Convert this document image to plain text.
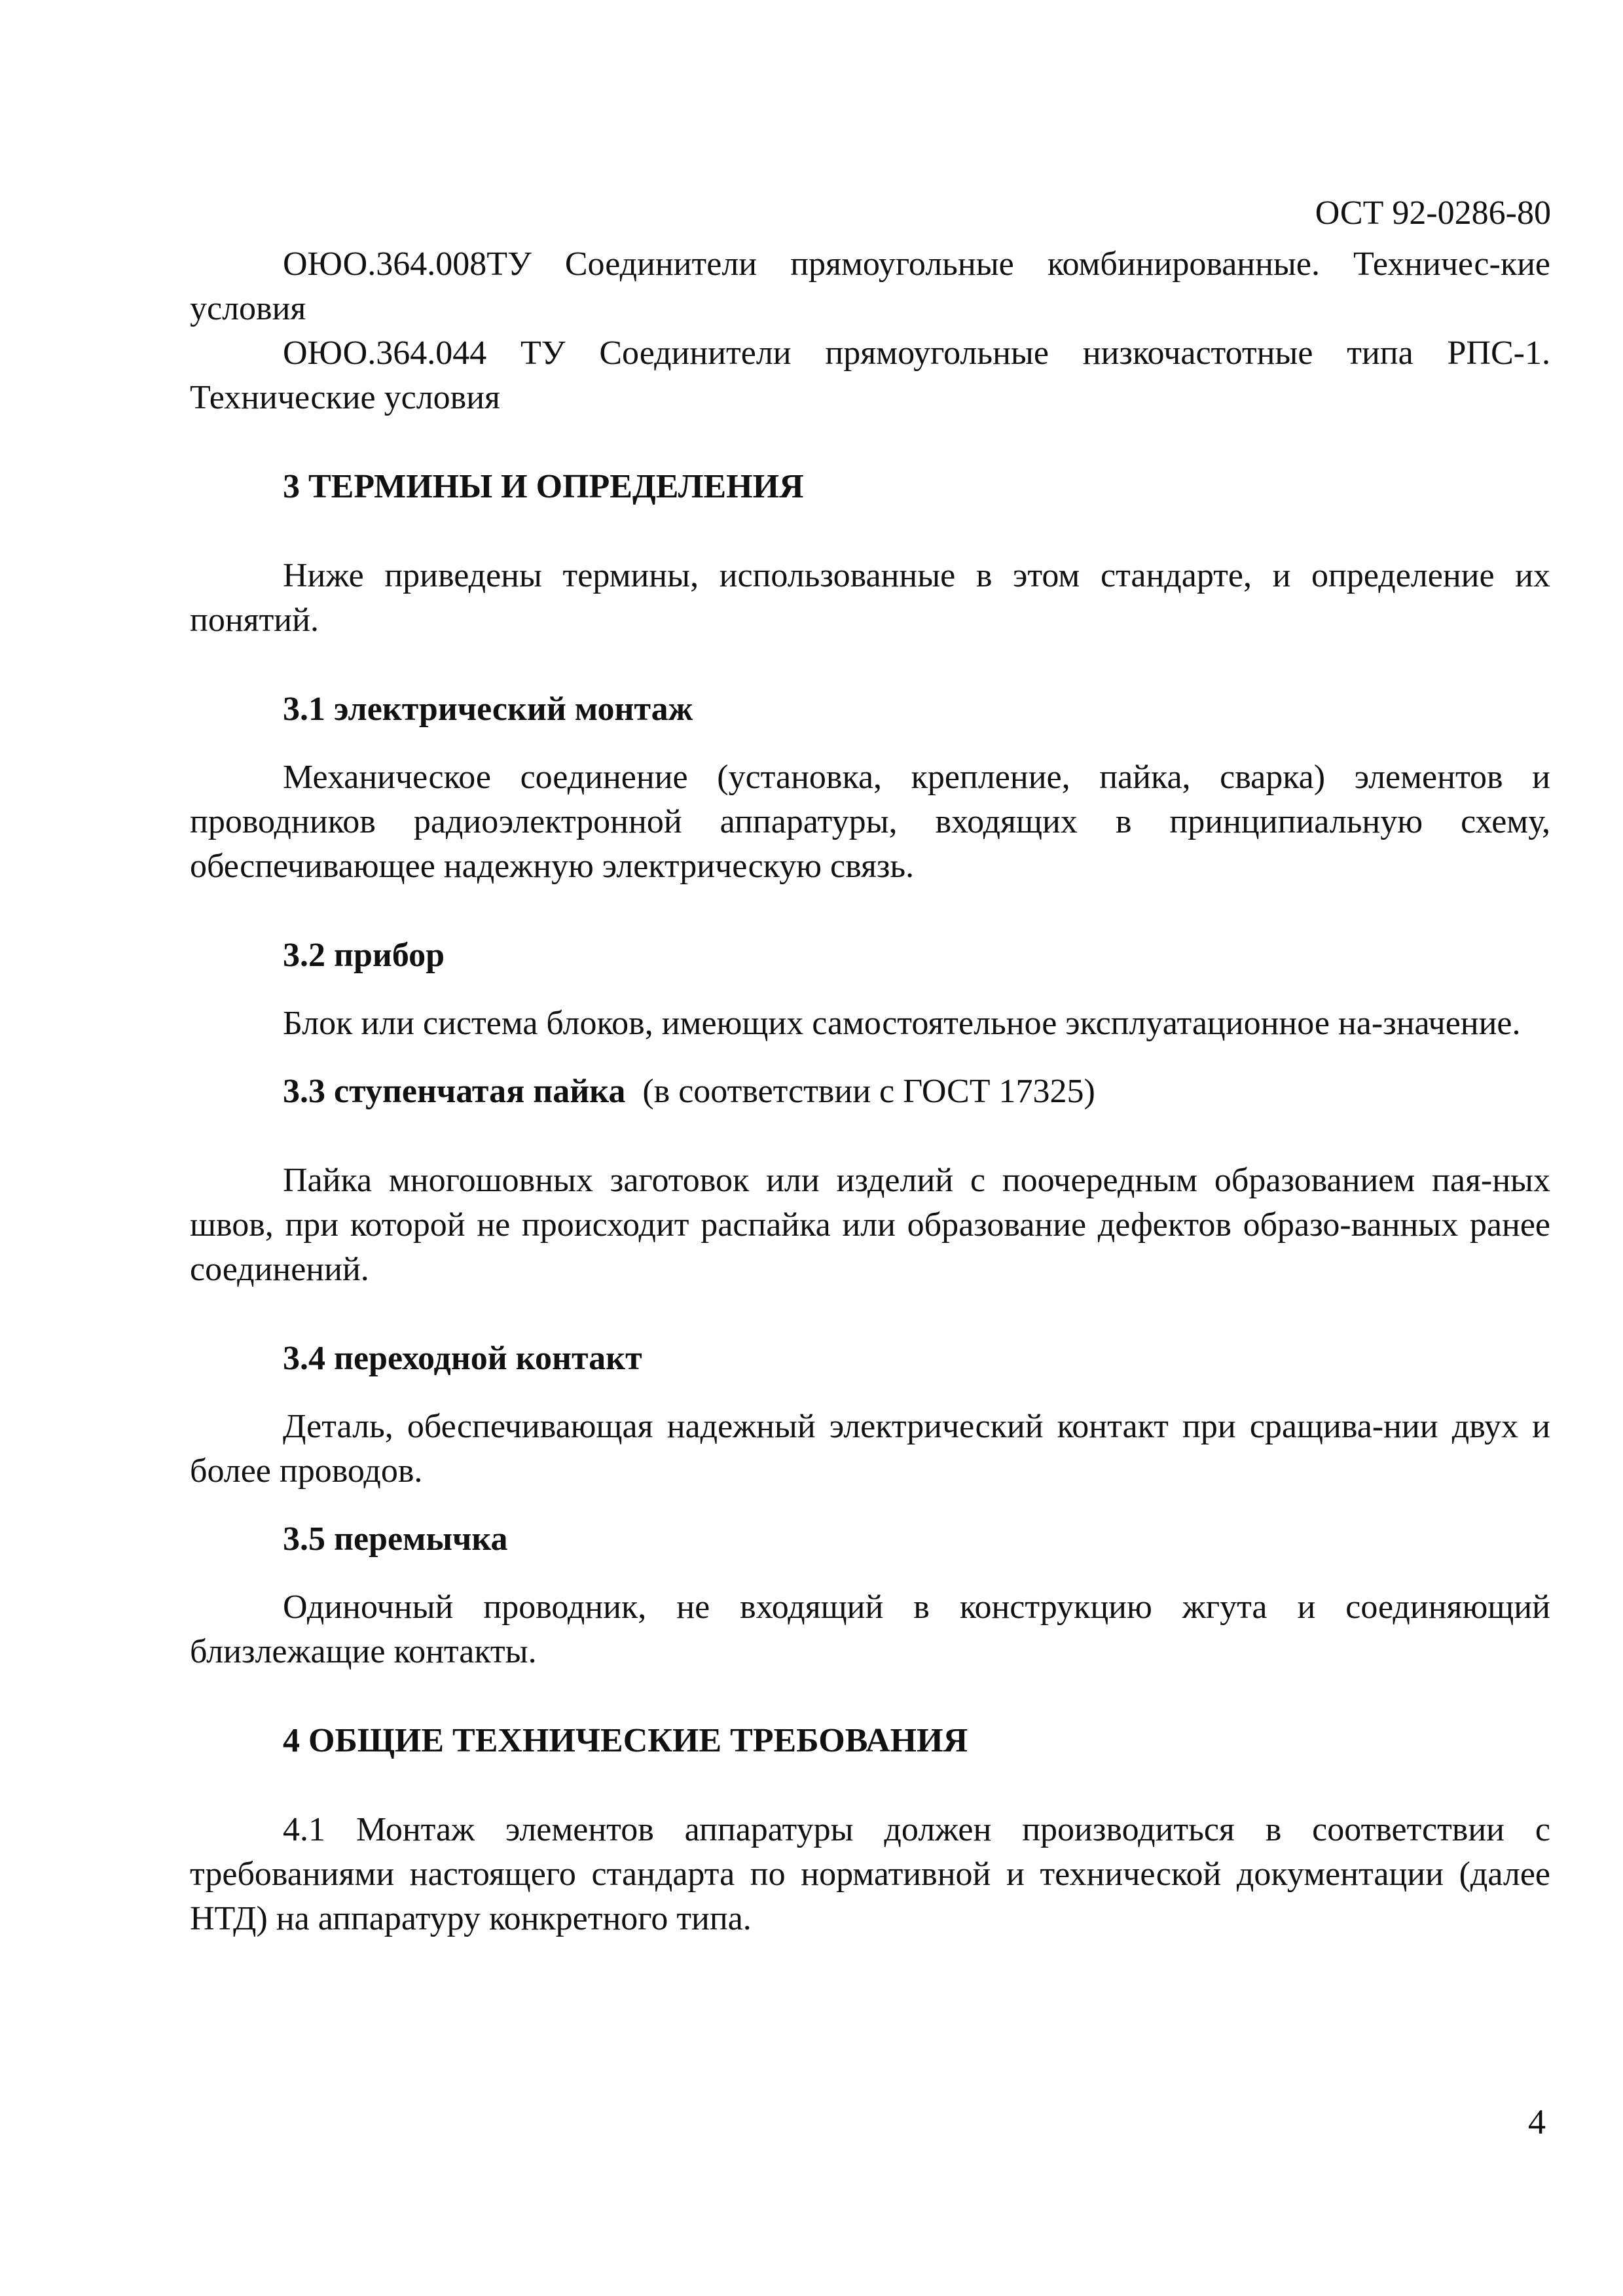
ОСТ 92-0286-80

ОЮО.364.008ТУ Соединители прямоугольные комбинированные. Техничес-кие условия

ОЮО.364.044 ТУ Соединители прямоугольные низкочастотные типа РПС-1. Технические условия

3 ТЕРМИНЫ И ОПРЕДЕЛЕНИЯ

Ниже приведены термины, использованные в этом стандарте, и определение их понятий.

3.1 электрический монтаж

Механическое соединение (установка, крепление, пайка, сварка) элементов и проводников радиоэлектронной аппаратуры, входящих в принципиальную схему, обеспечивающее надежную электрическую связь.

3.2 прибор

Блок или система блоков, имеющих самостоятельное эксплуатационное на-значение.

3.3 ступенчатая пайка (в соответствии с ГОСТ 17325)

Пайка многошовных заготовок или изделий с поочередным образованием пая-ных швов, при которой не происходит распайка или образование дефектов образо-ванных ранее соединений.

3.4 переходной контакт

Деталь, обеспечивающая надежный электрический контакт при сращива-нии двух и более проводов.

3.5 перемычка

Одиночный проводник, не входящий в конструкцию жгута и соединяющий близлежащие контакты.

4 ОБЩИЕ ТЕХНИЧЕСКИЕ ТРЕБОВАНИЯ

4.1 Монтаж элементов аппаратуры должен производиться в соответствии с требованиями настоящего стандарта по нормативной и технической документации (далее НТД) на аппаратуру конкретного типа.

4
